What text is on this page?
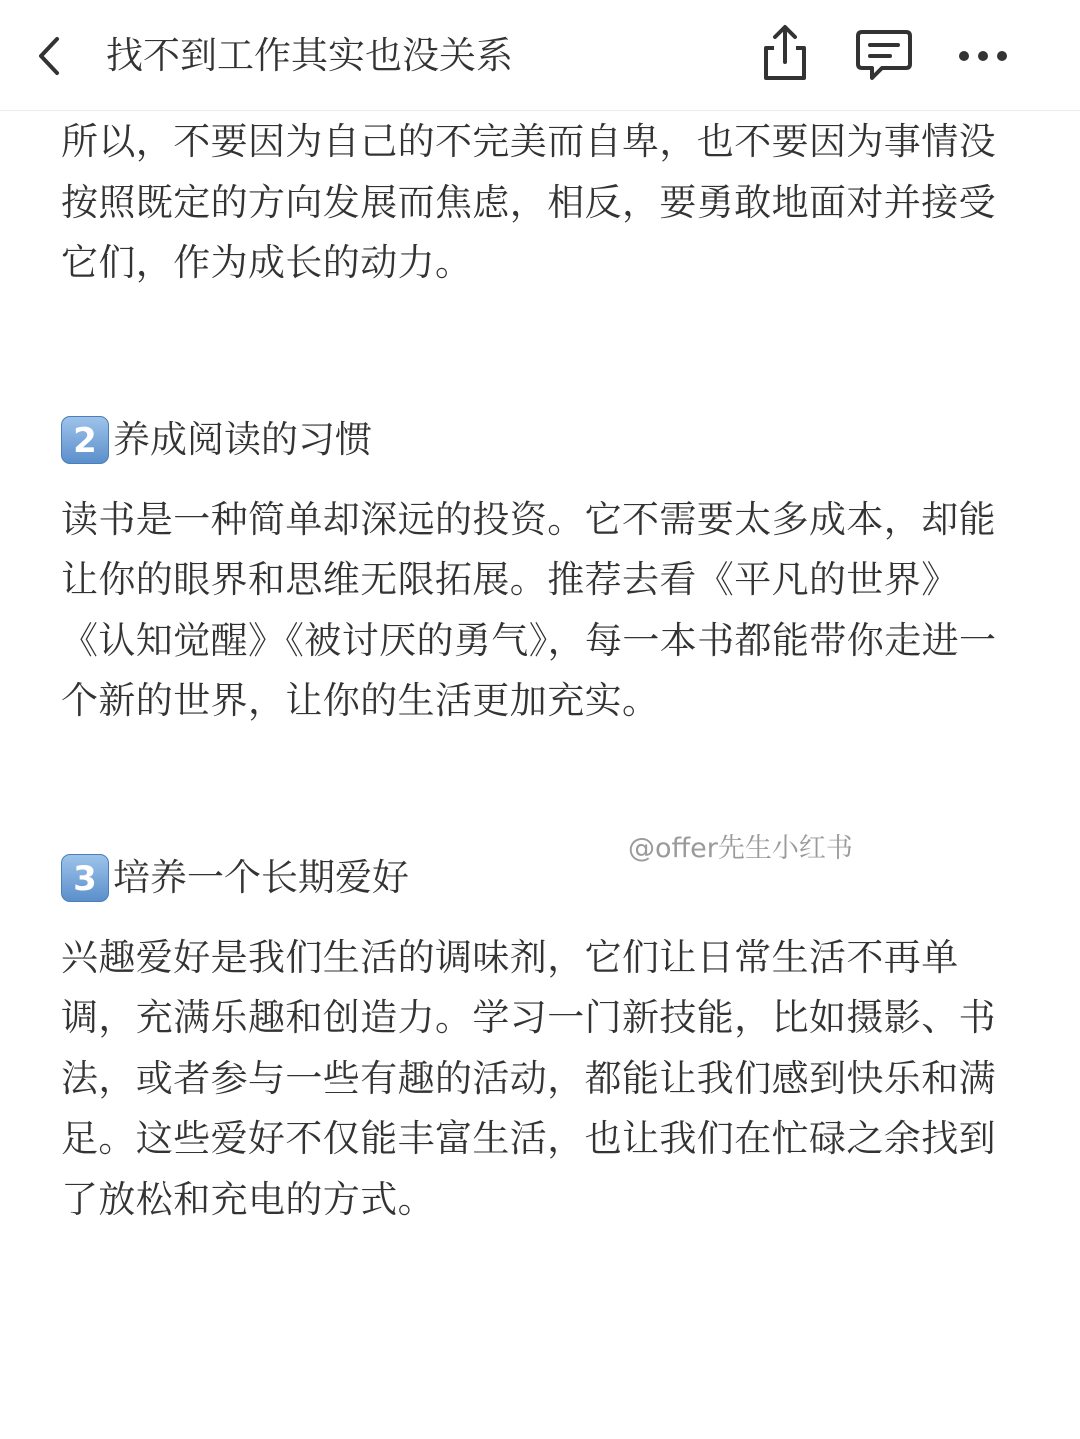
找不到工作其实也没关系

所以，不要因为自己的不完美而自卑，也不要因为事情没按照既定的方向发展而焦虑，相反，要勇敢地面对并接受它们，作为成长的动力。

2 养成阅读的习惯

读书是一种简单却深远的投资。它不需要太多成本，却能让你的眼界和思维无限拓展。推荐去看《平凡的世界》《认知觉醒》《被讨厌的勇气》，每一本书都能带你走进一个新的世界，让你的生活更加充实。

3 培养一个长期爱好

兴趣爱好是我们生活的调味剂，它们让日常生活不再单调，充满乐趣和创造力。学习一门新技能，比如摄影、书法，或者参与一些有趣的活动，都能让我们感到快乐和满足。这些爱好不仅能丰富生活，也让我们在忙碌之余找到了放松和充电的方式。

@offer先生小红书
